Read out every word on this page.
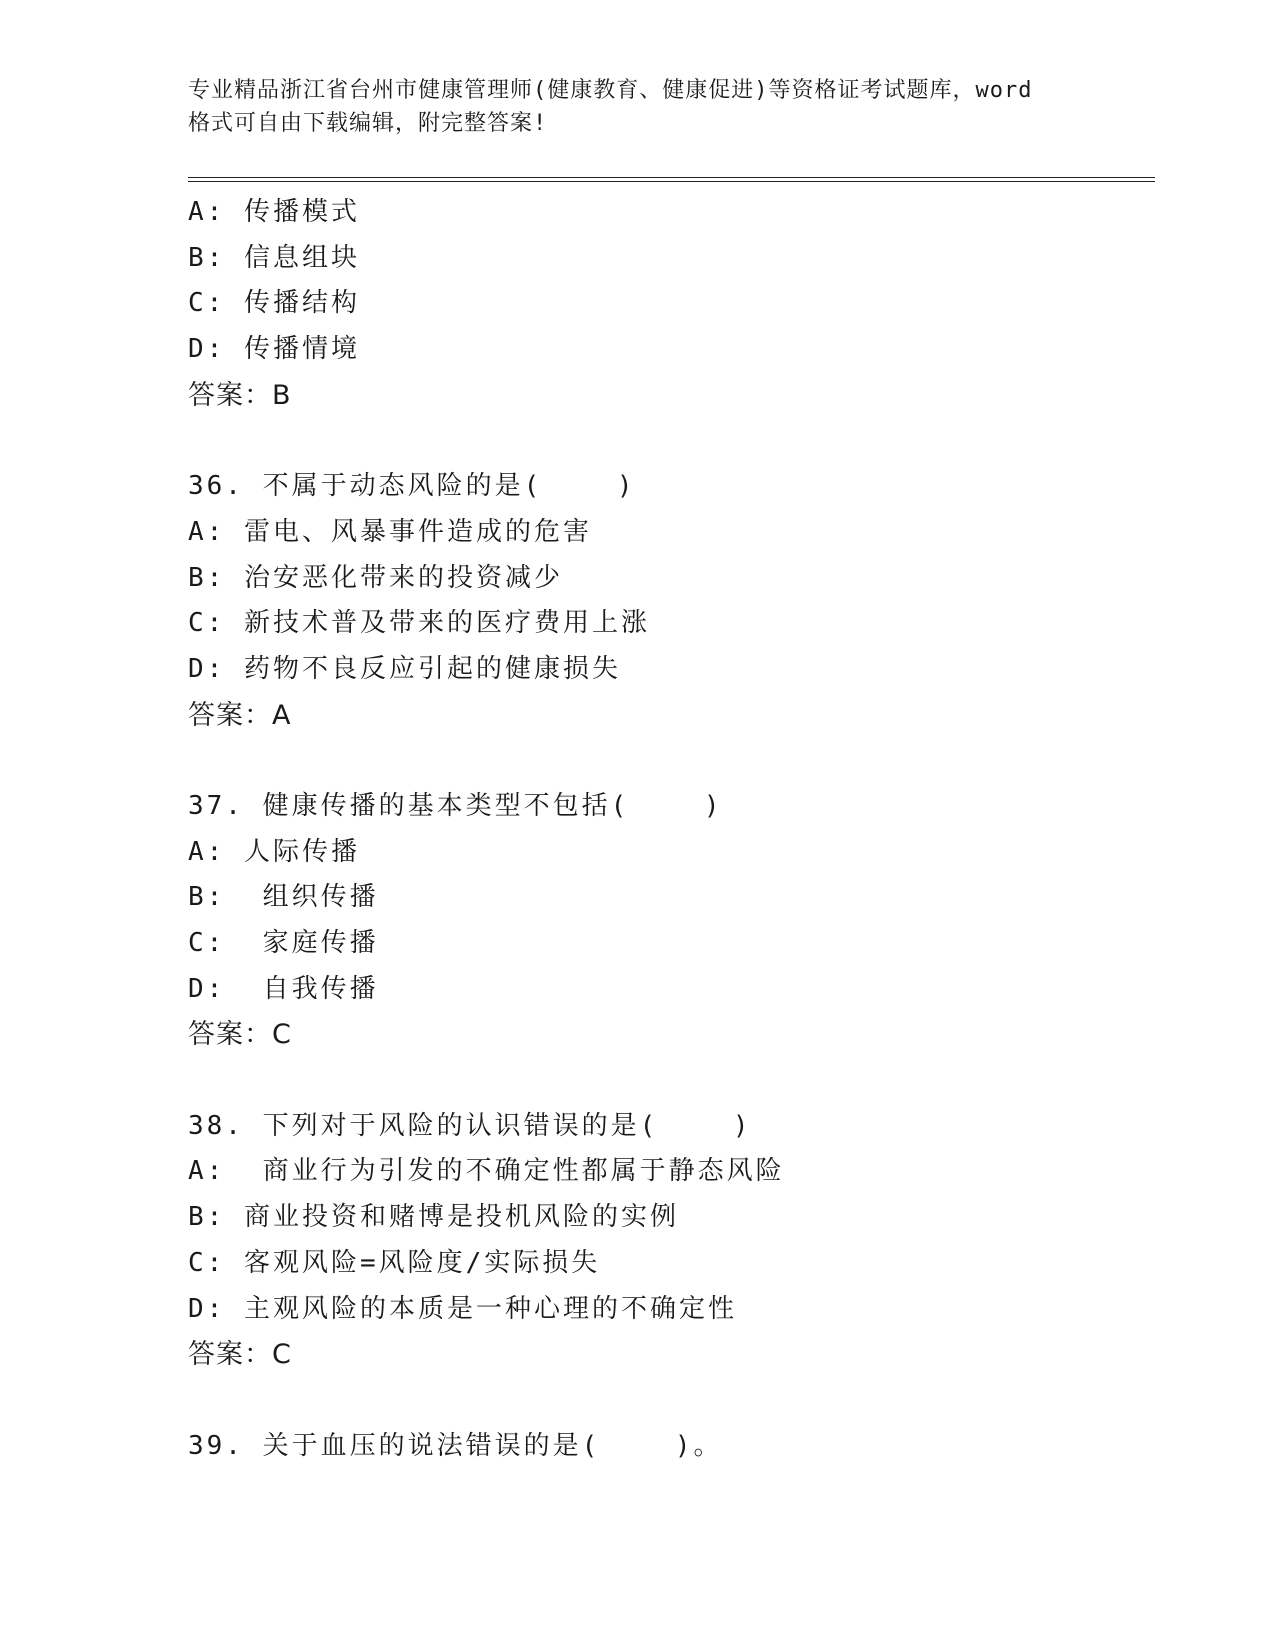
专业精品浙江省台州市健康管理师(健康教育、健康促进)等资格证考试题库，word
格式可自由下载编辑，附完整答案!
A: 传播模式
B: 信息组块
C: 传播结构
D: 传播情境
答案：B
36. 不属于动态风险的是(    )
A: 雷电、风暴事件造成的危害
B: 治安恶化带来的投资减少
C: 新技术普及带来的医疗费用上涨
D: 药物不良反应引起的健康损失
答案：A
37. 健康传播的基本类型不包括(    )
A: 人际传播
B:  组织传播
C:  家庭传播
D:  自我传播
答案：C
38. 下列对于风险的认识错误的是(    )
A:  商业行为引发的不确定性都属于静态风险
B: 商业投资和赌博是投机风险的实例
C: 客观风险=风险度/实际损失
D: 主观风险的本质是一种心理的不确定性
答案：C
39. 关于血压的说法错误的是(    )。
